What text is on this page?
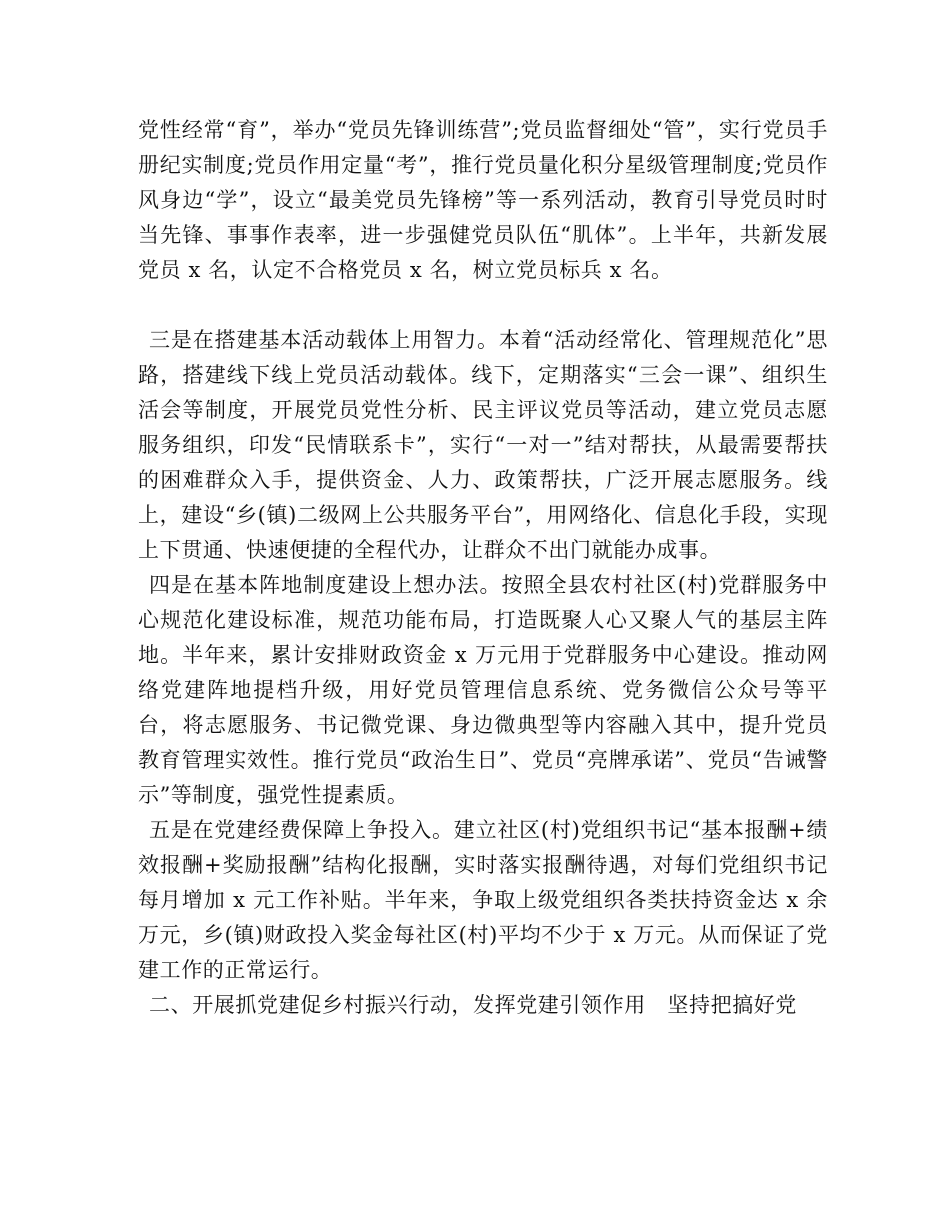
党性经常“育”，举办“党员先锋训练营”;党员监督细处“管”，实行党员手册纪实制度;党员作用定量“考”，推行党员量化积分星级管理制度;党员作风身边“学”，设立“最美党员先锋榜”等一系列活动，教育引导党员时时当先锋、事事作表率，进一步强健党员队伍“肌体”。上半年，共新发展党员 x 名，认定不合格党员 x 名，树立党员标兵 x 名。

三是在搭建基本活动载体上用智力。本着“活动经常化、管理规范化”思路，搭建线下线上党员活动载体。线下，定期落实“三会一课”、组织生活会等制度，开展党员党性分析、民主评议党员等活动，建立党员志愿服务组织，印发“民情联系卡”，实行“一对一”结对帮扶，从最需要帮扶的困难群众入手，提供资金、人力、政策帮扶，广泛开展志愿服务。线上，建设“乡(镇)二级网上公共服务平台”，用网络化、信息化手段，实现上下贯通、快速便捷的全程代办，让群众不出门就能办成事。

四是在基本阵地制度建设上想办法。按照全县农村社区(村)党群服务中心规范化建设标准，规范功能布局，打造既聚人心又聚人气的基层主阵地。半年来，累计安排财政资金 x 万元用于党群服务中心建设。推动网络党建阵地提档升级，用好党员管理信息系统、党务微信公众号等平台，将志愿服务、书记微党课、身边微典型等内容融入其中，提升党员教育管理实效性。推行党员“政治生日”、党员“亮牌承诺”、党员“告诫警示”等制度，强党性提素质。

五是在党建经费保障上争投入。建立社区(村)党组织书记“基本报酬+绩效报酬+奖励报酬”结构化报酬，实时落实报酬待遇，对每们党组织书记每月增加 x 元工作补贴。半年来，争取上级党组织各类扶持资金达 x 余万元，乡(镇)财政投入奖金每社区(村)平均不少于 x 万元。从而保证了党建工作的正常运行。

二、开展抓党建促乡村振兴行动，发挥党建引领作用　坚持把搞好党
